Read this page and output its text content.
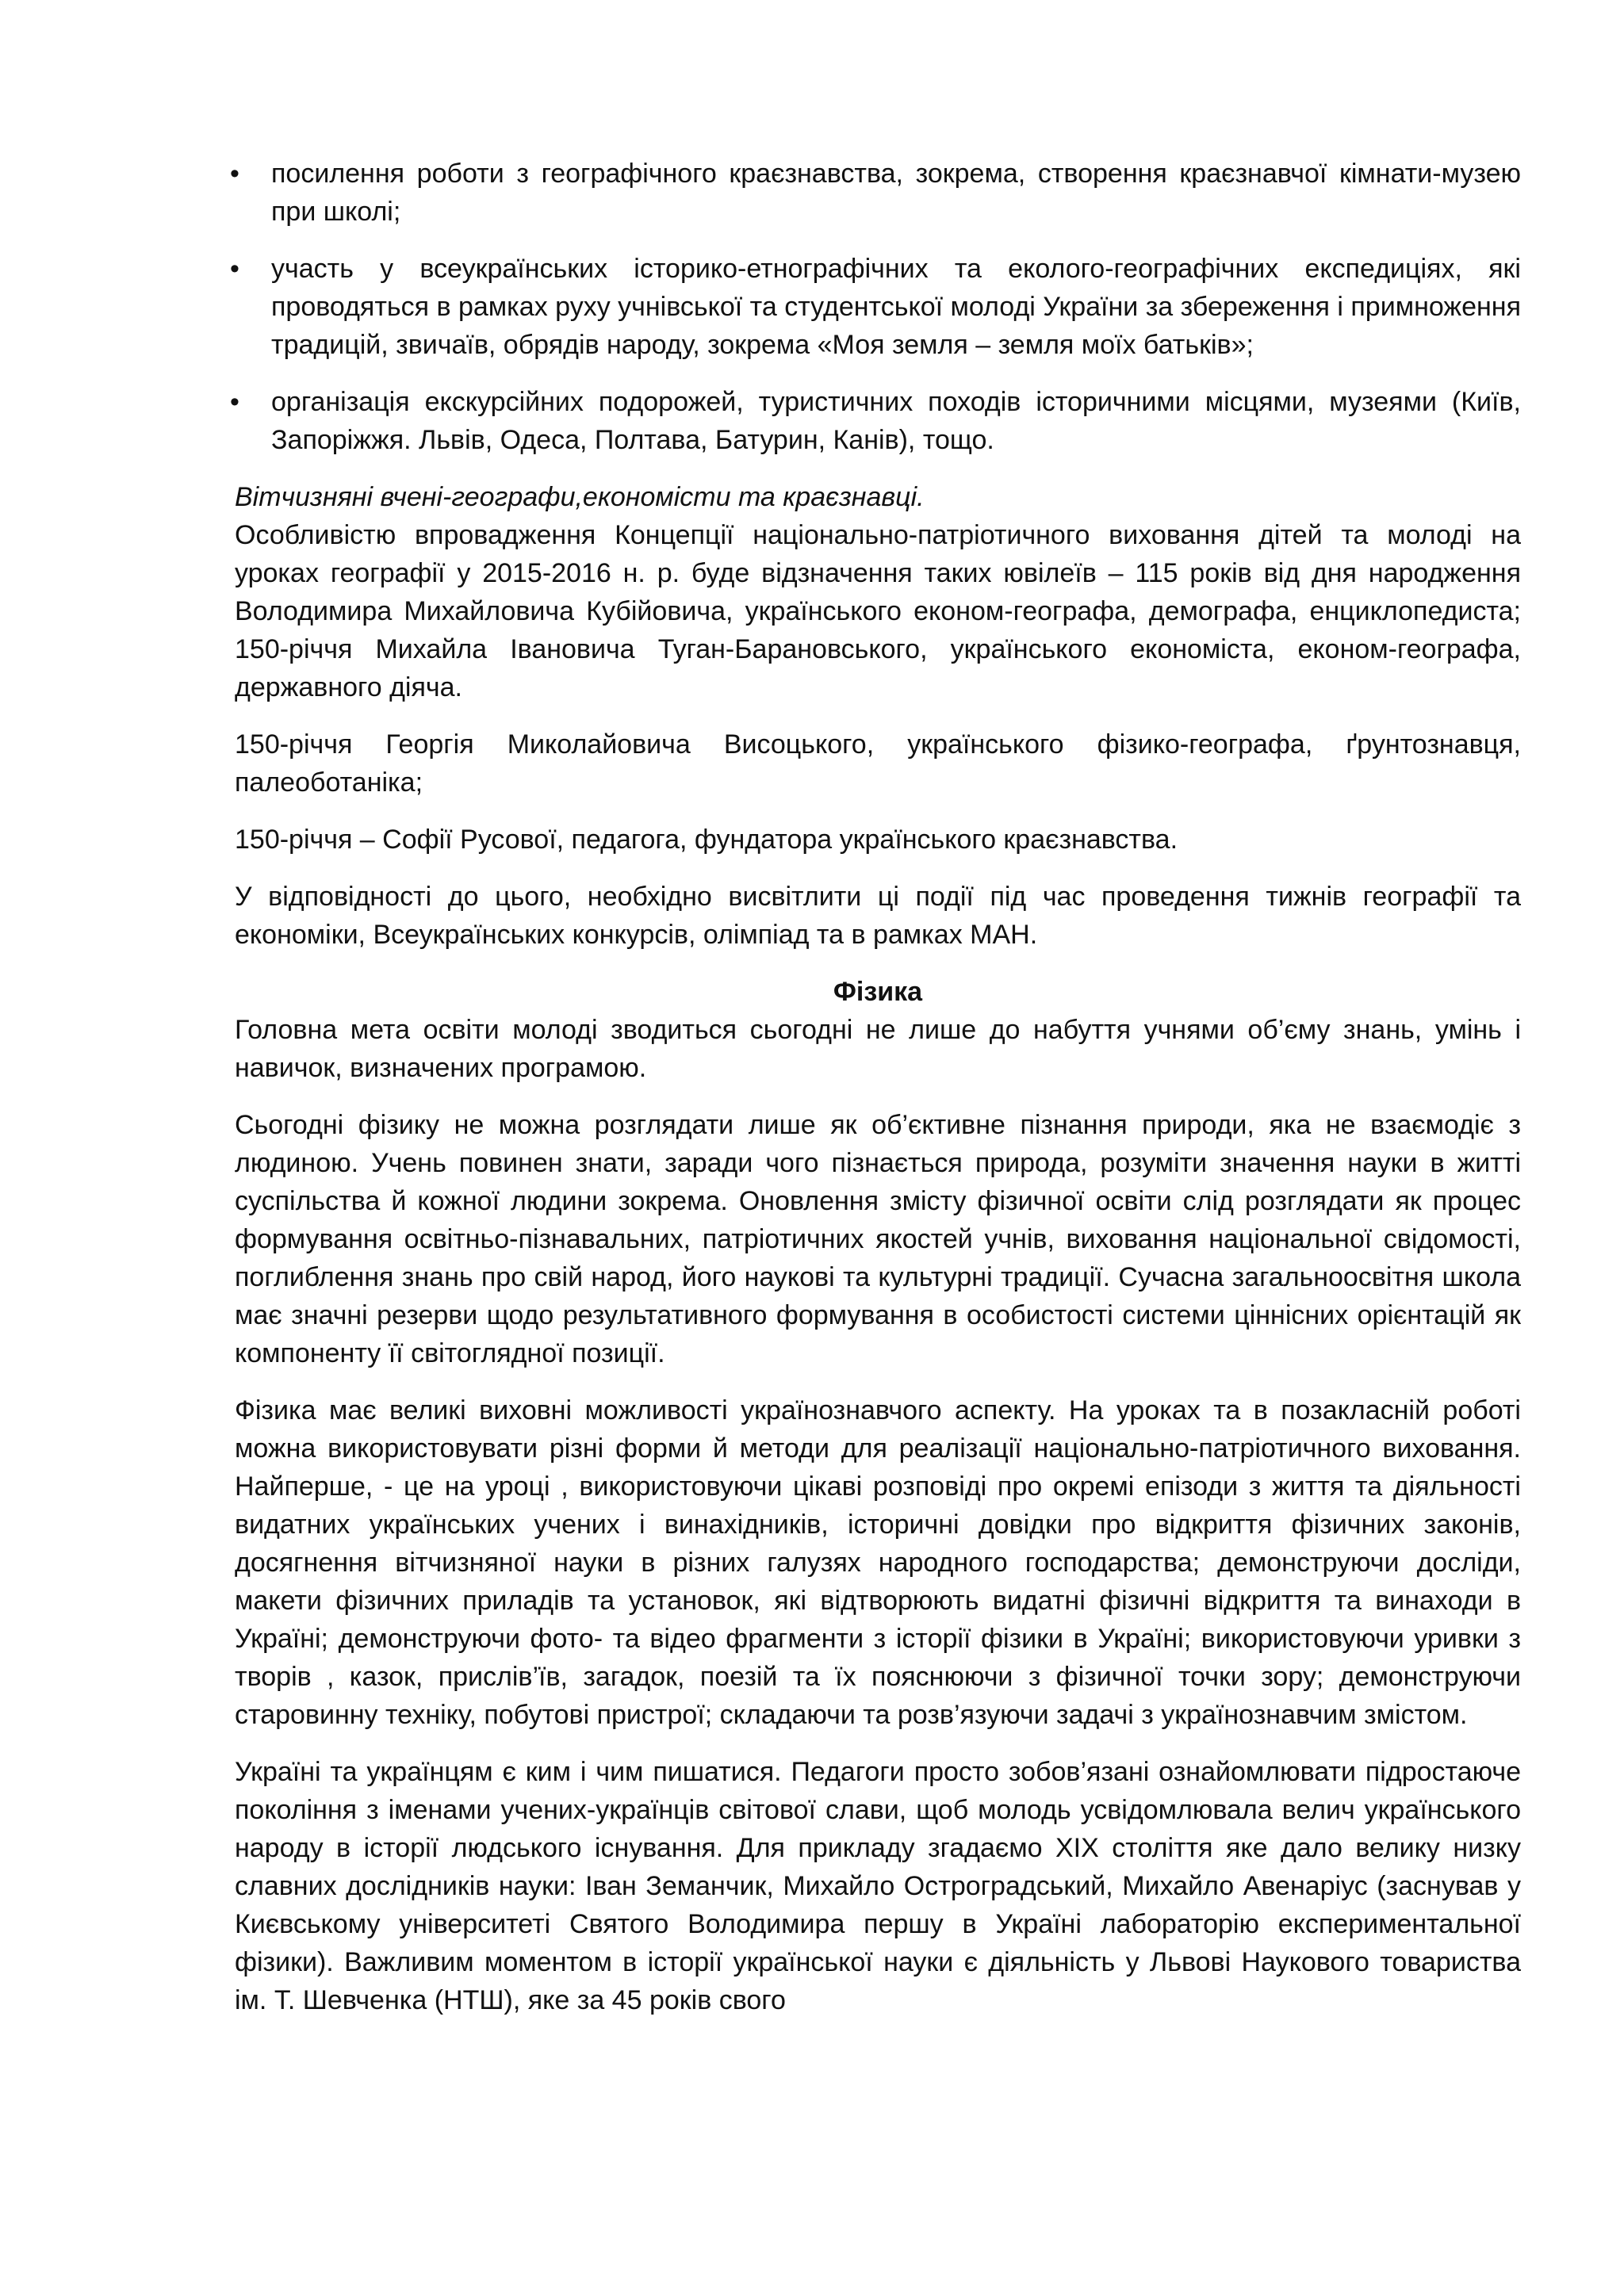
• посилення роботи з географічного краєзнавства, зокрема, створення краєзнавчої кімнати-музею при школі;
• участь у всеукраїнських історико-етнографічних та еколого-географічних експедиціях, які проводяться в рамках руху учнівської та студентської молоді України за збереження і примноження традицій, звичаїв, обрядів народу, зокрема «Моя земля – земля моїх батьків»;
• організація екскурсійних подорожей, туристичних походів історичними місцями, музеями (Київ, Запоріжжя. Львів, Одеса, Полтава, Батурин, Канів), тощо.

Вітчизняні вчені-географи,економісти та краєзнавці.

Особливістю впровадження Концепції національно-патріотичного виховання дітей та молоді на уроках географії у 2015-2016 н. р. буде відзначення таких ювілеїв – 115 років від дня народження Володимира Михайловича Кубійовича, українського економ-географа, демографа, енциклопедиста; 150-річчя Михайла Івановича Туган-Барановського, українського економіста, економ-географа, державного діяча.

150-річчя Георгія Миколайовича Висоцького, українського фізико-географа, ґрунтознавця, палеоботаніка;

150-річчя – Софії Русової, педагога, фундатора українського краєзнавства.

У відповідності до цього, необхідно висвітлити ці події під час проведення тижнів географії та економіки, Всеукраїнських конкурсів, олімпіад та в рамках МАН.

Фізика

Головна мета освіти молоді зводиться сьогодні не лише до набуття учнями об’єму знань, умінь і навичок, визначених програмою.

Сьогодні фізику не можна розглядати лише як об’єктивне пізнання природи, яка не взаємодіє з людиною. Учень повинен знати, заради чого пізнається природа, розуміти значення науки в житті суспільства й кожної людини зокрема. Оновлення змісту фізичної освіти слід розглядати як процес формування освітньо-пізнавальних, патріотичних якостей учнів, виховання національної свідомості, поглиблення знань про свій народ, його наукові та культурні традиції. Сучасна загальноосвітня школа має значні резерви щодо результативного формування в особистості системи ціннісних орієнтацій як компоненту її світоглядної позиції.

Фізика має великі виховні можливості українознавчого аспекту. На уроках та в позакласній роботі можна використовувати різні форми й методи для реалізації національно-патріотичного виховання. Найперше, - це на уроці , використовуючи цікаві розповіді про окремі епізоди з життя та діяльності видатних українських учених і винахідників, історичні довідки про відкриття фізичних законів, досягнення вітчизняної науки в різних галузях народного господарства; демонструючи досліди, макети фізичних приладів та установок, які відтворюють видатні фізичні відкриття та винаходи в Україні; демонструючи фото- та відео фрагменти з історії фізики в Україні; використовуючи уривки з творів , казок, прислів’їв, загадок, поезій та їх пояснюючи з фізичної точки зору; демонструючи старовинну техніку, побутові пристрої; складаючи та розв’язуючи задачі з українознавчим змістом.

Україні та українцям є ким і чим пишатися. Педагоги просто зобов’язані ознайомлювати підростаюче покоління з іменами учених-українців світової слави, щоб молодь усвідомлювала велич українського народу в історії людського існування. Для прикладу згадаємо XIX століття яке дало велику низку славних дослідників науки: Іван Земанчик, Михайло Остроградський, Михайло Авенаріус (заснував у Києвському університеті Святого Володимира першу в Україні лабораторію експериментальної фізики). Важливим моментом в історії української науки є діяльність у Львові Наукового товариства ім. Т. Шевченка (НТШ), яке за 45 років свого
